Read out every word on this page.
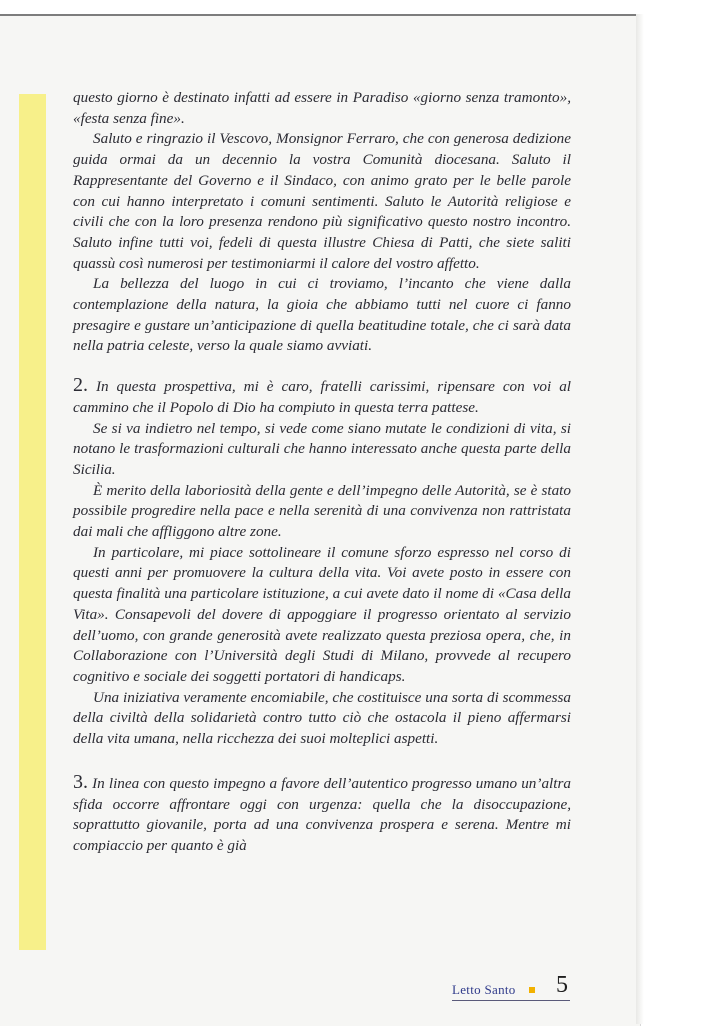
questo giorno è destinato infatti ad essere in Paradiso «giorno senza tramonto», «festa senza fine».

Saluto e ringrazio il Vescovo, Monsignor Ferraro, che con generosa dedizione guida ormai da un decennio la vostra Comunità diocesana. Saluto il Rappresentante del Governo e il Sindaco, con animo grato per le belle parole con cui hanno interpretato i comuni sentimenti. Saluto le Autorità religiose e civili che con la loro presenza rendono più significativo questo nostro incontro. Saluto infine tutti voi, fedeli di questa illustre Chiesa di Patti, che siete saliti quassù così numerosi per testimoniarmi il calore del vostro affetto.

La bellezza del luogo in cui ci troviamo, l’incanto che viene dalla contemplazione della natura, la gioia che abbiamo tutti nel cuore ci fanno presagire e gustare un’anticipazione di quella beatitudine totale, che ci sarà data nella patria celeste, verso la quale siamo avviati.

2. In questa prospettiva, mi è caro, fratelli carissimi, ripensare con voi al cammino che il Popolo di Dio ha compiuto in questa terra pattese.

Se si va indietro nel tempo, si vede come siano mutate le condizioni di vita, si notano le trasformazioni culturali che hanno interessato anche questa parte della Sicilia.

È merito della laboriosità della gente e dell’impegno delle Autorità, se è stato possibile progredire nella pace e nella serenità di una convivenza non rattristata dai mali che affliggono altre zone.

In particolare, mi piace sottolineare il comune sforzo espresso nel corso di questi anni per promuovere la cultura della vita. Voi avete posto in essere con questa finalità una particolare istituzione, a cui avete dato il nome di «Casa della Vita». Consapevoli del dovere di appoggiare il progresso orientato al servizio dell’uomo, con grande generosità avete realizzato questa preziosa opera, che, in Collaborazione con l’Università degli Studi di Milano, provvede al recupero cognitivo e sociale dei soggetti portatori di handicaps.

Una iniziativa veramente encomiabile, che costituisce una sorta di scommessa della civiltà della solidarietà contro tutto ciò che ostacola il pieno affermarsi della vita umana, nella ricchezza dei suoi molteplici aspetti.

3. In linea con questo impegno a favore dell’autentico progresso umano un’altra sfida occorre affrontare oggi con urgenza: quella che la disoccupazione, soprattutto giovanile, porta ad una convivenza prospera e serena. Mentre mi compiaccio per quanto è già

Letto Santo 5
